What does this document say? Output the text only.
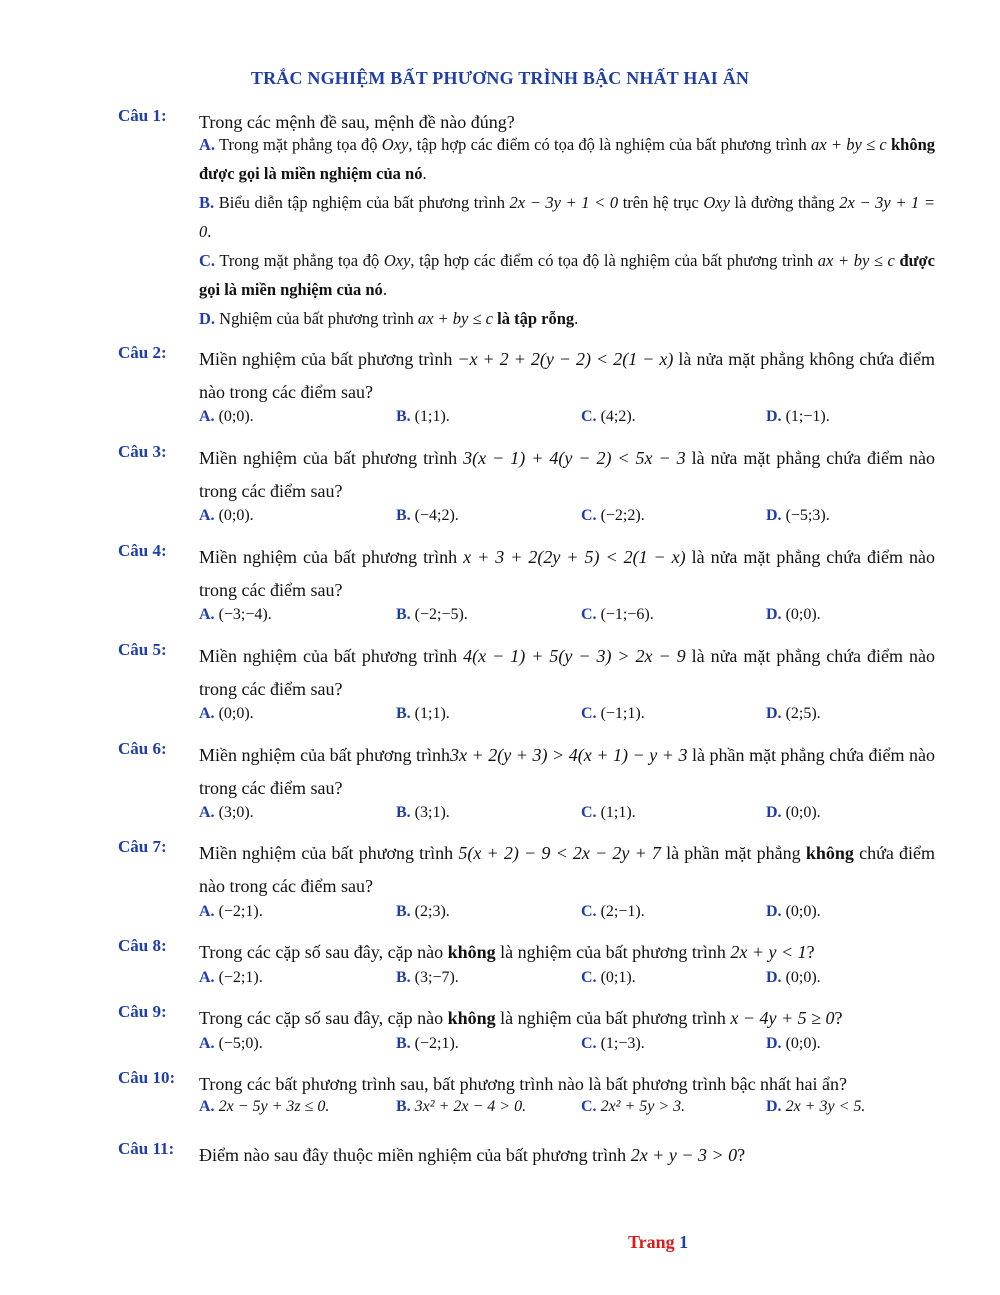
TRẮC NGHIỆM BẤT PHƯƠNG TRÌNH BẬC NHẤT HAI ẨN
Câu 1: Trong các mệnh đề sau, mệnh đề nào đúng?
A. Trong mặt phẳng tọa độ Oxy, tập hợp các điểm có tọa độ là nghiệm của bất phương trình ax + by ≤ c không được gọi là miền nghiệm của nó.
B. Biểu diễn tập nghiệm của bất phương trình 2x − 3y + 1 < 0 trên hệ trục Oxy là đường thẳng 2x − 3y + 1 = 0.
C. Trong mặt phẳng tọa độ Oxy, tập hợp các điểm có tọa độ là nghiệm của bất phương trình ax + by ≤ c được gọi là miền nghiệm của nó.
D. Nghiệm của bất phương trình ax + by ≤ c là tập rỗng.
Câu 2: Miền nghiệm của bất phương trình −x + 2 + 2(y − 2) < 2(1 − x) là nửa mặt phẳng không chứa điểm nào trong các điểm sau?
A. (0;0).	B. (1;1).	C. (4;2).	D. (1;−1).
Câu 3: Miền nghiệm của bất phương trình 3(x − 1) + 4(y − 2) < 5x − 3 là nửa mặt phẳng chứa điểm nào trong các điểm sau?
A. (0;0).	B. (−4;2).	C. (−2;2).	D. (−5;3).
Câu 4: Miền nghiệm của bất phương trình x + 3 + 2(2y + 5) < 2(1 − x) là nửa mặt phẳng chứa điểm nào trong các điểm sau?
A. (−3;−4).	B. (−2;−5).	C. (−1;−6).	D. (0;0).
Câu 5: Miền nghiệm của bất phương trình 4(x − 1) + 5(y − 3) > 2x − 9 là nửa mặt phẳng chứa điểm nào trong các điểm sau?
A. (0;0).	B. (1;1).	C. (−1;1).	D. (2;5).
Câu 6: Miền nghiệm của bất phương trình3x + 2(y + 3) > 4(x + 1) − y + 3 là phần mặt phẳng chứa điểm nào trong các điểm sau?
A. (3;0).	B. (3;1).	C. (1;1).	D. (0;0).
Câu 7: Miền nghiệm của bất phương trình 5(x + 2) − 9 < 2x − 2y + 7 là phần mặt phẳng không chứa điểm nào trong các điểm sau?
A. (−2;1).	B. (2;3).	C. (2;−1).	D. (0;0).
Câu 8: Trong các cặp số sau đây, cặp nào không là nghiệm của bất phương trình 2x + y < 1?
A. (−2;1).	B. (3;−7).	C. (0;1).	D. (0;0).
Câu 9: Trong các cặp số sau đây, cặp nào không là nghiệm của bất phương trình x − 4y + 5 ≥ 0?
A. (−5;0).	B. (−2;1).	C. (1;−3).	D. (0;0).
Câu 10: Trong các bất phương trình sau, bất phương trình nào là bất phương trình bậc nhất hai ẩn?
A. 2x − 5y + 3z ≤ 0.	B. 3x² + 2x − 4 > 0.	C. 2x² + 5y > 3.	D. 2x + 3y < 5.
Câu 11: Điểm nào sau đây thuộc miền nghiệm của bất phương trình 2x + y − 3 > 0?
Trang 1
